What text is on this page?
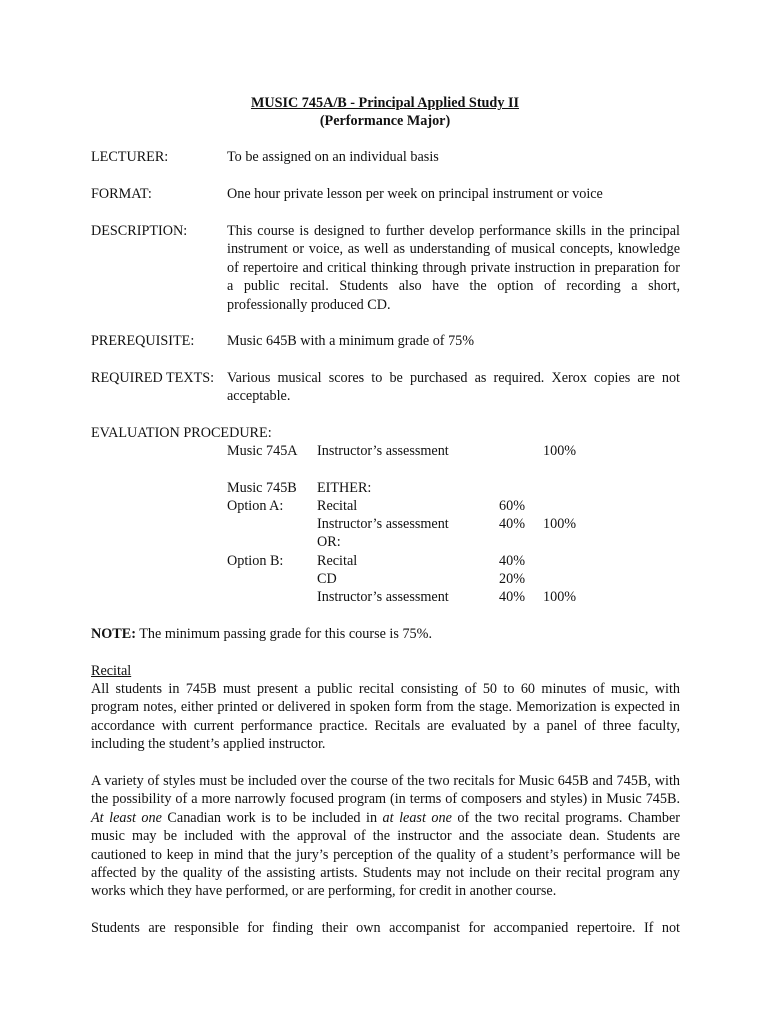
MUSIC 745A/B - Principal Applied Study II
(Performance Major)
LECTURER:	To be assigned on an individual basis
FORMAT:	One hour private lesson per week on principal instrument or voice
DESCRIPTION:	This course is designed to further develop performance skills in the principal instrument or voice, as well as understanding of musical concepts, knowledge of repertoire and critical thinking through private instruction in preparation for a public recital. Students also have the option of recording a short, professionally produced CD.
PREREQUISITE: Music 645B with a minimum grade of 75%
REQUIRED TEXTS: Various musical scores to be purchased as required. Xerox copies are not acceptable.
EVALUATION PROCEDURE:
Music 745A Instructor’s assessment	100%
Music 745B EITHER:
Option A: Recital	60%
Instructor’s assessment	40% 100%
OR:
Option B: Recital	40%
CD	20%
Instructor’s assessment	40% 100%
NOTE: The minimum passing grade for this course is 75%.
Recital
All students in 745B must present a public recital consisting of 50 to 60 minutes of music, with program notes, either printed or delivered in spoken form from the stage. Memorization is expected in accordance with current performance practice. Recitals are evaluated by a panel of three faculty, including the student’s applied instructor.
A variety of styles must be included over the course of the two recitals for Music 645B and 745B, with the possibility of a more narrowly focused program (in terms of composers and styles) in Music 745B. At least one Canadian work is to be included in at least one of the two recital programs. Chamber music may be included with the approval of the instructor and the associate dean. Students are cautioned to keep in mind that the jury’s perception of the quality of a student’s performance will be affected by the quality of the assisting artists. Students may not include on their recital program any works which they have performed, or are performing, for credit in another course.
Students are responsible for finding their own accompanist for accompanied repertoire. If not
